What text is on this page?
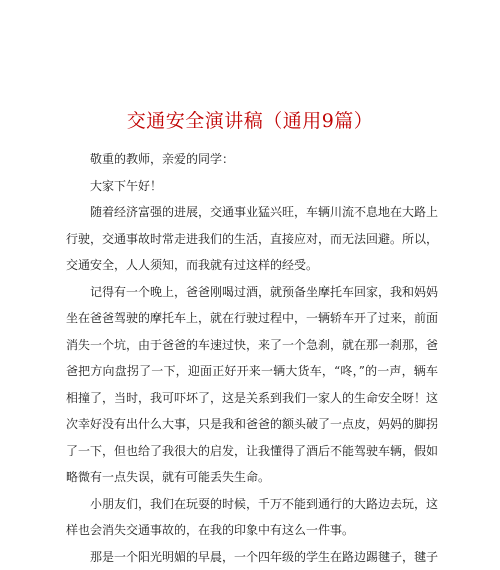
交通安全演讲稿（通用9篇）
敬重的教师，亲爱的同学：
大家下午好！
随着经济富强的进展，交通事业猛兴旺，车辆川流不息地在大路上
行驶，交通事故时常走进我们的生活，直接应对，而无法回避。所以，
交通安全，人人须知，而我就有过这样的经受。
记得有一个晚上，爸爸刚喝过酒，就预备坐摩托车回家，我和妈妈
坐在爸爸驾驶的摩托车上，就在行驶过程中，一辆轿车开了过来，前面
消失一个坑，由于爸爸的车速过快，来了一个急刹，就在那一刹那，爸
爸把方向盘拐了一下，迎面正好开来一辆大货车，“咚，”的一声，辆车
相撞了，当时，我可吓坏了，这是关系到我们一家人的生命安全呀！这
次幸好没有出什么大事，只是我和爸爸的额头破了一点皮，妈妈的脚拐
了一下，但也给了我很大的启发，让我懂得了酒后不能驾驶车辆，假如
略微有一点失误，就有可能丢失生命。
小朋友们，我们在玩耍的时候，千万不能到通行的大路边去玩，这
样也会消失交通事故的，在我的印象中有这么一件事。
那是一个阳光明媚的早晨，一个四年级的学生在路边踢毽子，毽子
